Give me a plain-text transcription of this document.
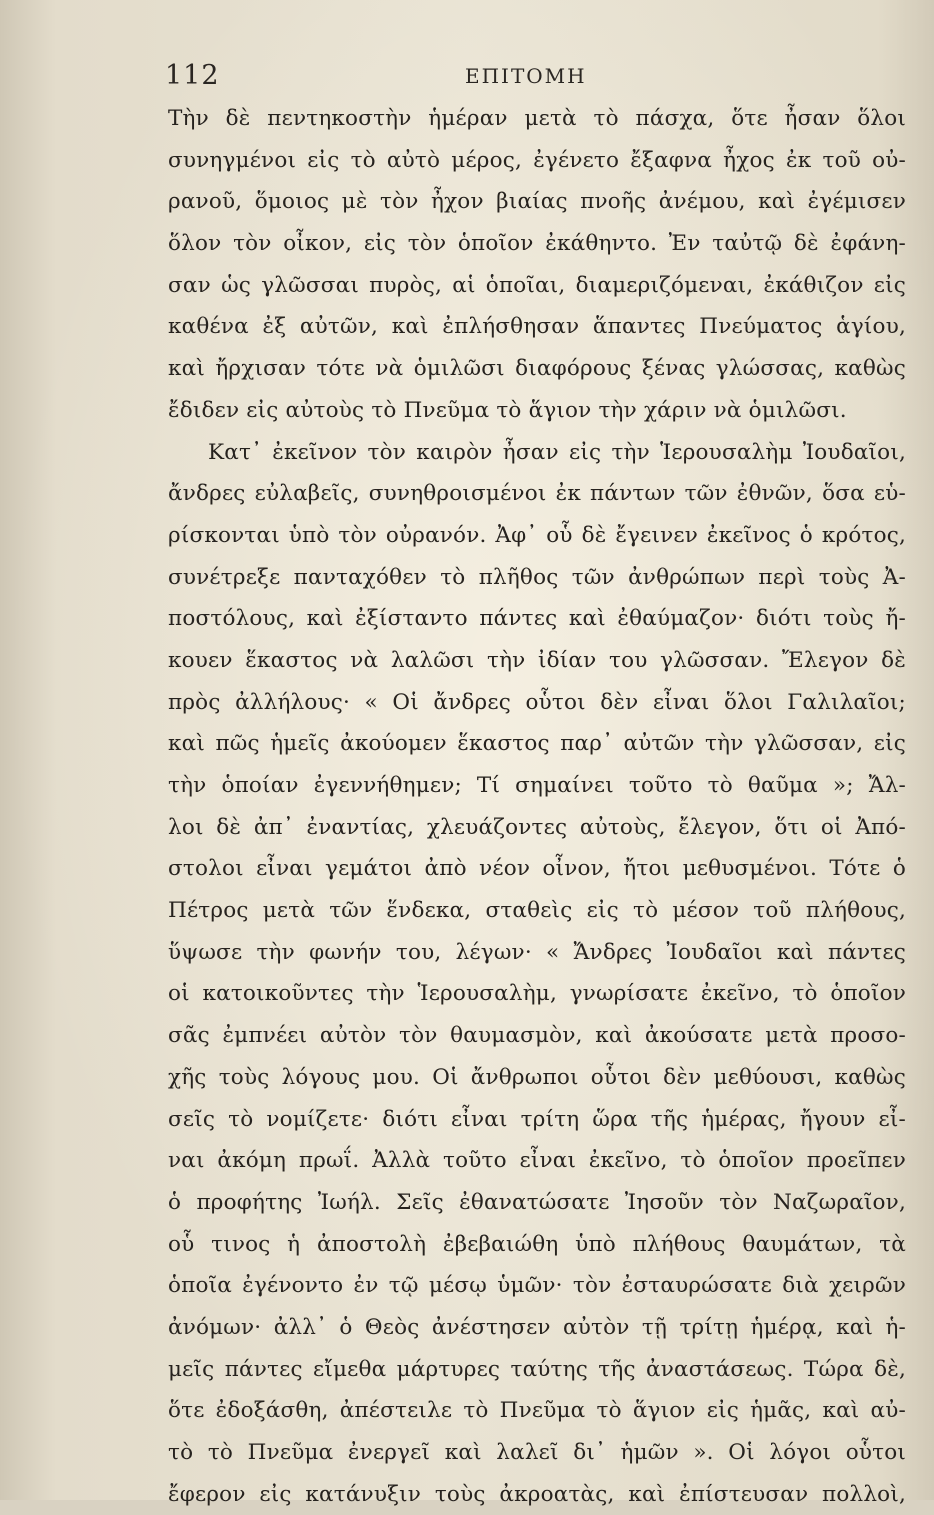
112	ΕΠΙΤΟΜΗ
Τὴν δὲ πεντηκοστὴν ἡμέραν μετὰ τὸ πάσχα, ὅτε ἦσαν ὅλοι
συνηγμένοι εἰς τὸ αὐτὸ μέρος, ἐγένετο ἔξαφνα ἦχος ἐκ τοῦ οὐ-
ρανοῦ, ὅμοιος μὲ τὸν ἦχον βιαίας πνοῆς ἀνέμου, καὶ ἐγέμισεν
ὅλον τὸν οἶκον, εἰς τὸν ὁποῖον ἐκάθηντο. Ἐν ταὐτῷ δὲ ἐφάνη-
σαν ὡς γλῶσσαι πυρὸς, αἱ ὁποῖαι, διαμεριζόμεναι, ἐκάθιζον εἰς
καθένα ἐξ αὐτῶν, καὶ ἐπλήσθησαν ἅπαντες Πνεύματος ἁγίου,
καὶ ἤρχισαν τότε νὰ ὁμιλῶσι διαφόρους ξένας γλώσσας, καθὼς
ἔδιδεν εἰς αὐτοὺς τὸ Πνεῦμα τὸ ἅγιον τὴν χάριν νὰ ὁμιλῶσι.
Κατ᾽ ἐκεῖνον τὸν καιρὸν ἦσαν εἰς τὴν Ἱερουσαλὴμ Ἰουδαῖοι,
ἄνδρες εὐλαβεῖς, συνηθροισμένοι ἐκ πάντων τῶν ἐθνῶν, ὅσα εὑ-
ρίσκονται ὑπὸ τὸν οὐρανόν. Ἀφ᾽ οὗ δὲ ἔγεινεν ἐκεῖνος ὁ κρότος,
συνέτρεξε πανταχόθεν τὸ πλῆθος τῶν ἀνθρώπων περὶ τοὺς Ἀ-
ποστόλους, καὶ ἐξίσταντο πάντες καὶ ἐθαύμαζον· διότι τοὺς ἤ-
κουεν ἕκαστος νὰ λαλῶσι τὴν ἰδίαν του γλῶσσαν. Ἔλεγον δὲ
πρὸς ἀλλήλους· « Οἱ ἄνδρες οὗτοι δὲν εἶναι ὅλοι Γαλιλαῖοι;
καὶ πῶς ἡμεῖς ἀκούομεν ἕκαστος παρ᾽ αὐτῶν τὴν γλῶσσαν, εἰς
τὴν ὁποίαν ἐγεννήθημεν; Τί σημαίνει τοῦτο τὸ θαῦμα »; Ἄλ-
λοι δὲ ἀπ᾽ ἐναντίας, χλευάζοντες αὐτοὺς, ἔλεγον, ὅτι οἱ Ἀπό-
στολοι εἶναι γεμάτοι ἀπὸ νέον οἶνον, ἤτοι μεθυσμένοι. Τότε ὁ
Πέτρος μετὰ τῶν ἕνδεκα, σταθεὶς εἰς τὸ μέσον τοῦ πλήθους,
ὕψωσε τὴν φωνήν του, λέγων· « Ἄνδρες Ἰουδαῖοι καὶ πάντες
οἱ κατοικοῦντες τὴν Ἱερουσαλὴμ, γνωρίσατε ἐκεῖνο, τὸ ὁποῖον
σᾶς ἐμπνέει αὐτὸν τὸν θαυμασμὸν, καὶ ἀκούσατε μετὰ προσο-
χῆς τοὺς λόγους μου. Οἱ ἄνθρωποι οὗτοι δὲν μεθύουσι, καθὼς
σεῖς τὸ νομίζετε· διότι εἶναι τρίτη ὥρα τῆς ἡμέρας, ἤγουν εἶ-
ναι ἀκόμη πρωΐ. Ἀλλὰ τοῦτο εἶναι ἐκεῖνο, τὸ ὁποῖον προεῖπεν
ὁ προφήτης Ἰωήλ. Σεῖς ἐθανατώσατε Ἰησοῦν τὸν Ναζωραῖον,
οὗ τινος ἡ ἀποστολὴ ἐβεβαιώθη ὑπὸ πλήθους θαυμάτων, τὰ
ὁποῖα ἐγένοντο ἐν τῷ μέσῳ ὑμῶν· τὸν ἐσταυρώσατε διὰ χειρῶν
ἀνόμων· ἀλλ᾽ ὁ Θεὸς ἀνέστησεν αὐτὸν τῇ τρίτῃ ἡμέρᾳ, καὶ ἡ-
μεῖς πάντες εἴμεθα μάρτυρες ταύτης τῆς ἀναστάσεως. Τώρα δὲ,
ὅτε ἐδοξάσθη, ἀπέστειλε τὸ Πνεῦμα τὸ ἅγιον εἰς ἡμᾶς, καὶ αὐ-
τὸ τὸ Πνεῦμα ἐνεργεῖ καὶ λαλεῖ δι᾽ ἡμῶν ». Οἱ λόγοι οὗτοι
ἔφερον εἰς κατάνυξιν τοὺς ἀκροατὰς, καὶ ἐπίστευσαν πολλοὶ,
